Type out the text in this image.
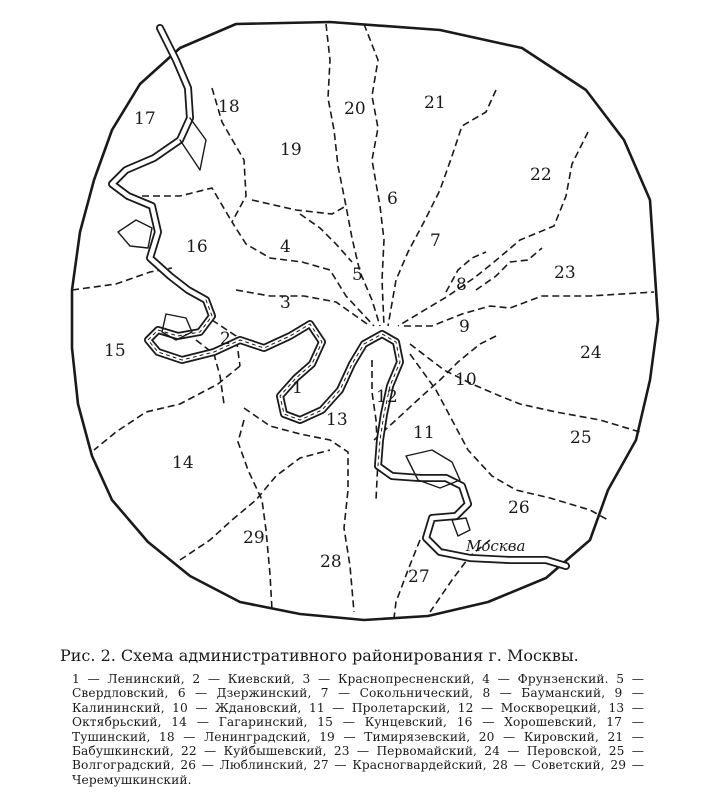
1
2
3
4
5
6
7
8
9
10
11
12
13
14
15
16
17
18
19
20	21
22
23
24
25
26
27
28
29	Москва
Рис. 2. Схема административного районирования г. Москвы.
1 — Ленинский, 2 — Киевский, 3 — Краснопресненский, 4 — Фрунзенский. 5 — Свердловский, 6 — Дзержинский, 7 — Сокольнический, 8 — Бауманский, 9 — Калининский, 10 — Ждановский, 11 — Пролетарский, 12 — Москворецкий, 13 — Октябрьский, 14 — Гагаринский, 15 — Кунцевский, 16 — Хорошевский, 17 — Тушинский, 18 — Ленинградский, 19 — Тимирязевский, 20 — Кировский, 21 — Бабушкинский, 22 — Куйбышевский, 23 — Первомайский, 24 — Перовской, 25 — Волгоградский, 26 — Люблинский, 27 — Красногвардейский, 28 — Советский, 29 — Черемушкинский.
